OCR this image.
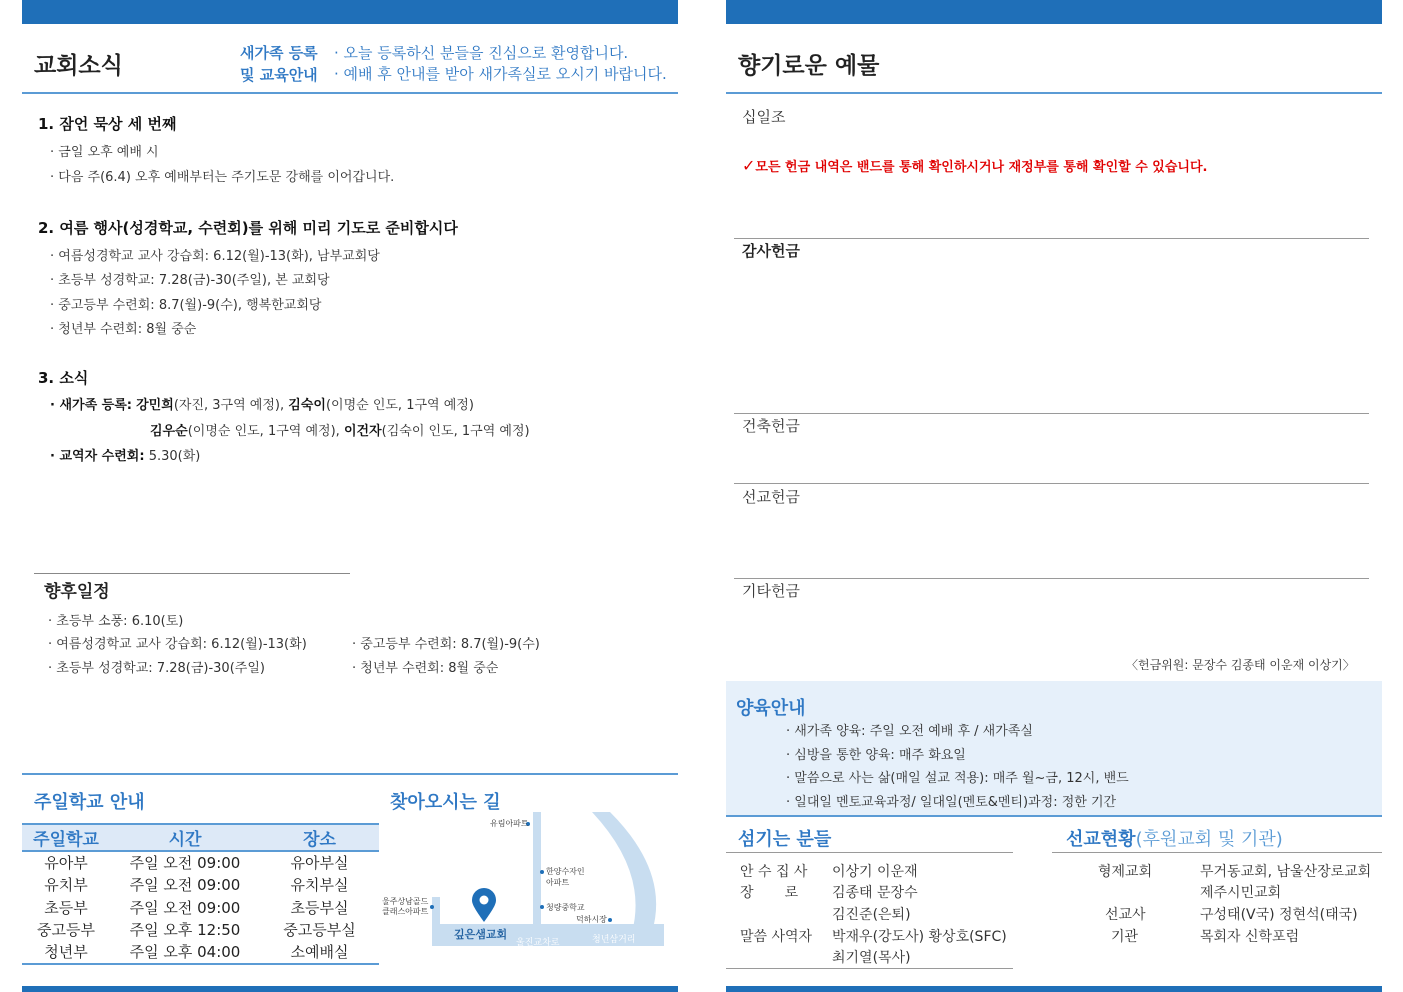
교회소식	새가족 등록
및 교육안내
· 오늘 등록하신 분들을 진심으로 환영합니다.
· 예배 후 안내를 받아 새가족실로 오시기 바랍니다.
1. 잠언 묵상 세 번째
· 금일 오후 예배 시
· 다음 주(6.4) 오후 예배부터는 주기도문 강해를 이어갑니다.
2. 여름 행사(성경학교, 수련회)를 위해 미리 기도로 준비합시다
· 여름성경학교 교사 강습회: 6.12(월)-13(화), 남부교회당
· 초등부 성경학교: 7.28(금)-30(주일), 본 교회당
· 중고등부 수련회: 8.7(월)-9(수), 행복한교회당
· 청년부 수련회: 8월 중순
3. 소식
· 새가족 등록: 강민희(자진, 3구역 예정), 김숙이(이명순 인도, 1구역 예정)
김우순(이명순 인도, 1구역 예정), 이건자(김숙이 인도, 1구역 예정)
· 교역자 수련회: 5.30(화)
향후일정
· 초등부 소풍: 6.10(토)
· 여름성경학교 교사 강습회: 6.12(월)-13(화)
· 초등부 성경학교: 7.28(금)-30(주일)
· 중고등부 수련회: 8.7(월)-9(수)
· 청년부 수련회: 8월 중순
주일학교 안내
주일학교	시간	장소
유아부	주일 오전 09:00	유아부실
유치부	주일 오전 09:00	유치부실
초등부	주일 오전 09:00	초등부실
중고등부	주일 오후 12:50	중고등부실
청년부	주일 오후 04:00	소예배실
찾아오시는 길
유림아파트
한양수자인
아파트
청량중학교
덕하시장
울주상남골드
클래스아파트
깊은샘교회
울진교차로	청년삼거리
향기로운 예물
십일조
✓모든 헌금 내역은 밴드를 통해 확인하시거나 재정부를 통해 확인할 수 있습니다.
감사헌금
건축헌금
선교헌금
기타헌금
〈헌금위원: 문장수 김종태 이운재 이상기〉
양육안내
· 새가족 양육: 주일 오전 예배 후 / 새가족실
· 심방을 통한 양육: 매주 화요일
· 말씀으로 사는 삶(매일 설교 적용): 매주 월~금, 12시, 밴드
· 일대일 멘토교육과정/ 일대일(멘토&멘티)과정: 정한 기간
섬기는 분들
안 수 집 사 이상기 이운재
장       로 김종태 문장수
김진준(은퇴)
말씀 사역자 박재우(강도사) 황상호(SFC)
최기열(목사)
선교현황(후원교회 및 기관)
형제교회	무거동교회, 남울산장로교회
제주시민교회
선교사	구성태(V국) 정현석(태국)
기관	목회자 신학포럼
